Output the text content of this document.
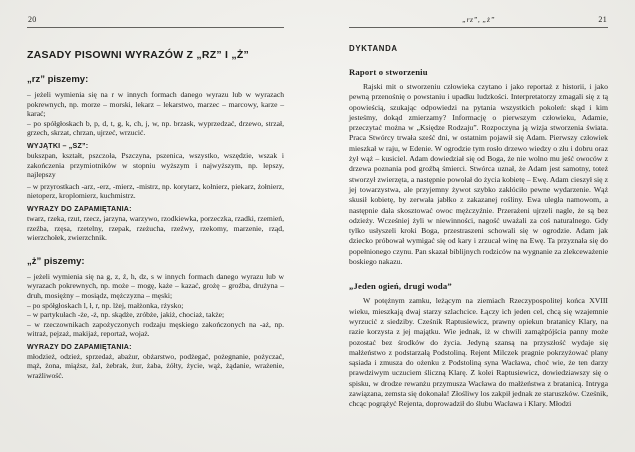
20
ZASADY PISOWNI WYRAZÓW Z „RZ” I „Ż”
„rz” piszemy:

– jeżeli wymienia się na r w innych formach danego wyrazu lub w wyrazach pokrewnych, np. morze – morski, lekarz – lekarstwo, marzec – marcowy, karze – karać;

– po spółgłoskach b, p, d, t, g, k, ch, j, w, np. brzask, wyprzedzać, drzewo, strzał, grzech, skrzat, chrzan, ujrzeć, wrzucić.

WYJĄTKI – „SZ”:

bukszpan, kształt, pszczoła, Pszczyna, pszenica, wszystko, wszędzie, wszak i zakończenia przymiotników w stopniu wyższym i najwyższym, np. lepszy, najlepszy

– w przyrostkach -arz, -erz, -mierz, -mistrz, np. korytarz, kołnierz, piekarz, żołnierz, nietoperz, kroplomierz, kuchmistrz.

WYRAZY DO ZAPAMIĘTANIA:

twarz, rzeka, rzut, rzecz, jarzyna, warzywo, rzodkiewka, porzeczka, rzadki, rzemień, rzeźba, rzęsa, rzetelny, rzepak, rzeżucha, rzeźwy, rzekomy, marzenie, rząd, wierzchołek, zwierzchnik.

„ż” piszemy:

– jeżeli wymienia się na g, z, ź, h, dz, s w innych formach danego wyrazu lub w wyrazach pokrewnych, np. może – mogę, każe – kazać, grożę – groźba, drużyna – druh, mosiężny – mosiądz, mężczyzna – męski;

– po spółgłoskach l, ł, r, np. lżej, małżonka, rżysko;

– w partykułach -że, -ż, np. skądże, zróbże, jakiż, chociaż, także;

– w rzeczownikach zapożyczonych rodzaju męskiego zakończonych na -aż, np. witraż, pejzaż, makijaż, reportaż, wojaż.

WYRAZY DO ZAPAMIĘTANIA:

młodzież, odzież, sprzedaż, abażur, obżarstwo, podżegać, pożegnanie, pożyczać, mąż, żona, miąższ, żal, żebrak, żur, żaba, żółty, życie, wąż, żądanie, wrażenie, wrażliwość.

„rz”, „ż”	21
DYKTANDA
Raport o stworzeniu

Rajski mit o stworzeniu człowieka czytano i jako reportaż z historii, i jako pewną przenośnię o powstaniu i upadku ludzkości. Interpretatorzy zmagali się z tą opowieścią, szukając odpowiedzi na pytania wszystkich pokoleń: skąd i kim jesteśmy, dokąd zmierzamy? Informację o pierwszym człowieku, Adamie, przeczytać można w „Księdze Rodzaju”. Rozpoczyna ją wizja stworzenia świata. Praca Stwórcy trwała sześć dni, w ostatnim pojawił się Adam. Pierwszy człowiek mieszkał w raju, w Edenie. W ogrodzie tym rosło drzewo wiedzy o złu i dobru oraz żył wąż – kusiciel. Adam dowiedział się od Boga, że nie wolno mu jeść owoców z drzewa poznania pod groźbą śmierci. Stwórca uznał, że Adam jest samotny, toteż stworzył zwierzęta, a następnie powołał do życia kobietę – Ewę. Adam cieszył się z jej towarzystwa, ale przyjemny żywot szybko zakłóciło pewne wydarzenie. Wąż skusił kobietę, by zerwała jabłko z zakazanej rośliny. Ewa uległa namowom, a następnie dała skosztować owoc mężczyźnie. Przerażeni ujrzeli nagle, że są bez odzieży. Wcześniej żyli w niewinności, nagość uważali za coś naturalnego. Gdy tylko usłyszeli kroki Boga, przestraszeni schowali się w ogrodzie. Adam jak dziecko próbował wymigać się od kary i zrzucał winę na Ewę. Ta przyznała się do popełnionego czynu. Pan skazał biblijnych rodziców na wygnanie za zlekceważenie boskiego nakazu.

„Jeden ogień, drugi woda”

W potężnym zamku, leżącym na ziemiach Rzeczypospolitej końca XVIII wieku, mieszkają dwaj starzy szlachcice. Łączy ich jeden cel, chcą się wzajemnie wyrzucić z siedziby. Cześnik Raptusiewicz, prawny opiekun bratanicy Klary, na razie korzysta z jej majątku. Wie jednak, iż w chwili zamążpójścia panny może pozostać bez środków do życia. Jedyną szansą na przyszłość wydaje się małżeństwo z podstarzałą Podstoliną. Rejent Milczek pragnie pokrzyżować plany sąsiada i zmusza do ożenku z Podstoliną syna Wacława, choć wie, że ten darzy prawdziwym uczuciem śliczną Klarę. Z kolei Raptusiewicz, dowiedziawszy się o spisku, w drodze rewanżu przymusza Wacława do małżeństwa z bratanicą. Intryga zawiązana, zemsta się dokonała! Złośliwy los zakpił jednak ze staruszków. Cześnik, chcąc pogrążyć Rejenta, doprowadził do ślubu Wacława i Klary. Młodzi
